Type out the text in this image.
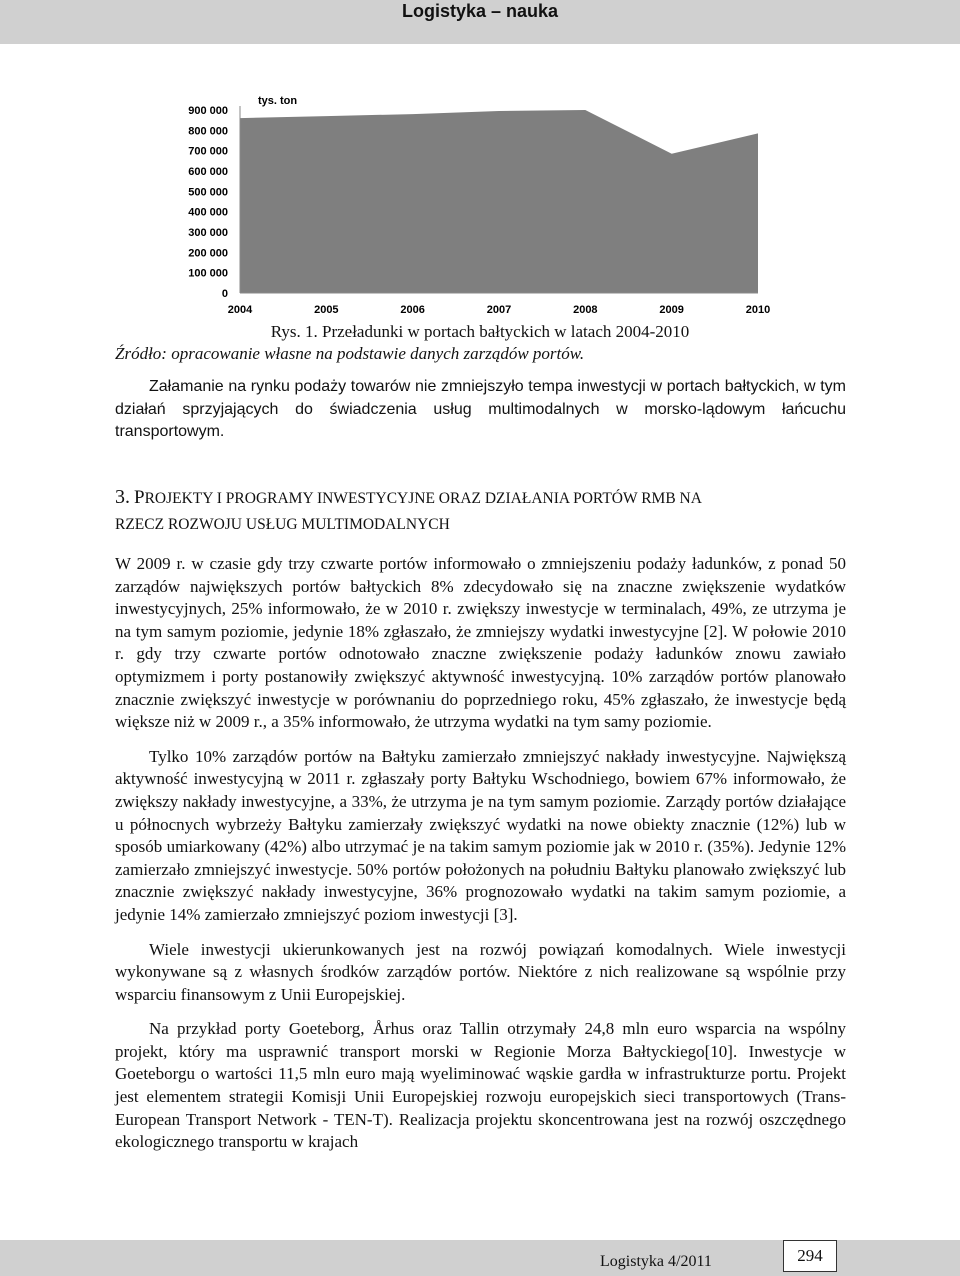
Logistyka – nauka
tys. ton
0
100 000
200 000
300 000
400 000
500 000
600 000
700 000
800 000
900 000
2004	2005	2006	2007	2008	2009	2010
Rys. 1. Przeładunki w portach bałtyckich w latach 2004-2010
Źródło: opracowanie własne na podstawie danych zarządów portów.

Załamanie na rynku podaży towarów nie zmniejszyło tempa inwestycji w portach bałtyckich, w tym działań sprzyjających do świadczenia usług multimodalnych w morsko-lądowym łańcuchu transportowym.

3. PROJEKTY I PROGRAMY INWESTYCYJNE ORAZ DZIAŁANIA PORTÓW RMB NA
RZECZ ROZWOJU USŁUG MULTIMODALNYCH

W 2009 r. w czasie gdy trzy czwarte portów informowało o zmniejszeniu podaży ładunków, z ponad 50 zarządów największych portów bałtyckich 8% zdecydowało się na znaczne zwiększenie wydatków inwestycyjnych, 25% informowało, że w 2010 r. zwiększy inwestycje w terminalach, 49%, ze utrzyma je na tym samym poziomie, jedynie 18% zgłaszało, że zmniejszy wydatki inwestycyjne [2]. W połowie 2010 r. gdy trzy czwarte portów odnotowało znaczne zwiększenie podaży ładunków znowu zawiało optymizmem i porty postanowiły zwiększyć aktywność inwestycyjną. 10% zarządów portów planowało znacznie zwiększyć inwestycje w porównaniu do poprzedniego roku, 45% zgłaszało, że inwestycje będą większe niż w 2009 r., a 35% informowało, że utrzyma wydatki na tym samy poziomie.

Tylko 10% zarządów portów na Bałtyku zamierzało zmniejszyć nakłady inwestycyjne. Największą aktywność inwestycyjną w 2011 r. zgłaszały porty Bałtyku Wschodniego, bowiem 67% informowało, że zwiększy nakłady inwestycyjne, a 33%, że utrzyma je na tym samym poziomie. Zarządy portów działające u północnych wybrzeży Bałtyku zamierzały zwiększyć wydatki na nowe obiekty znacznie (12%) lub w sposób umiarkowany (42%) albo utrzymać je na takim samym poziomie jak w 2010 r. (35%). Jedynie 12% zamierzało zmniejszyć inwestycje. 50% portów położonych na południu Bałtyku planowało zwiększyć lub znacznie zwiększyć nakłady inwestycyjne, 36% prognozowało wydatki na takim samym poziomie, a jedynie 14% zamierzało zmniejszyć poziom inwestycji [3].

Wiele inwestycji ukierunkowanych jest na rozwój powiązań komodalnych. Wiele inwestycji wykonywane są z własnych środków zarządów portów. Niektóre z nich realizowane są wspólnie przy wsparciu finansowym z Unii Europejskiej.

Na przykład porty Goeteborg, Århus oraz Tallin otrzymały 24,8 mln euro wsparcia na wspólny projekt, który ma usprawnić transport morski w Regionie Morza Bałtyckiego[10]. Inwestycje w Goeteborgu o wartości 11,5 mln euro mają wyeliminować wąskie gardła w infrastrukturze portu. Projekt jest elementem strategii Komisji Unii Europejskiej rozwoju europejskich sieci transportowych (Trans-European Transport Network - TEN-T). Realizacja projektu skoncentrowana jest na rozwój oszczędnego ekologicznego transportu w krajach

Logistyka 4/2011	294
